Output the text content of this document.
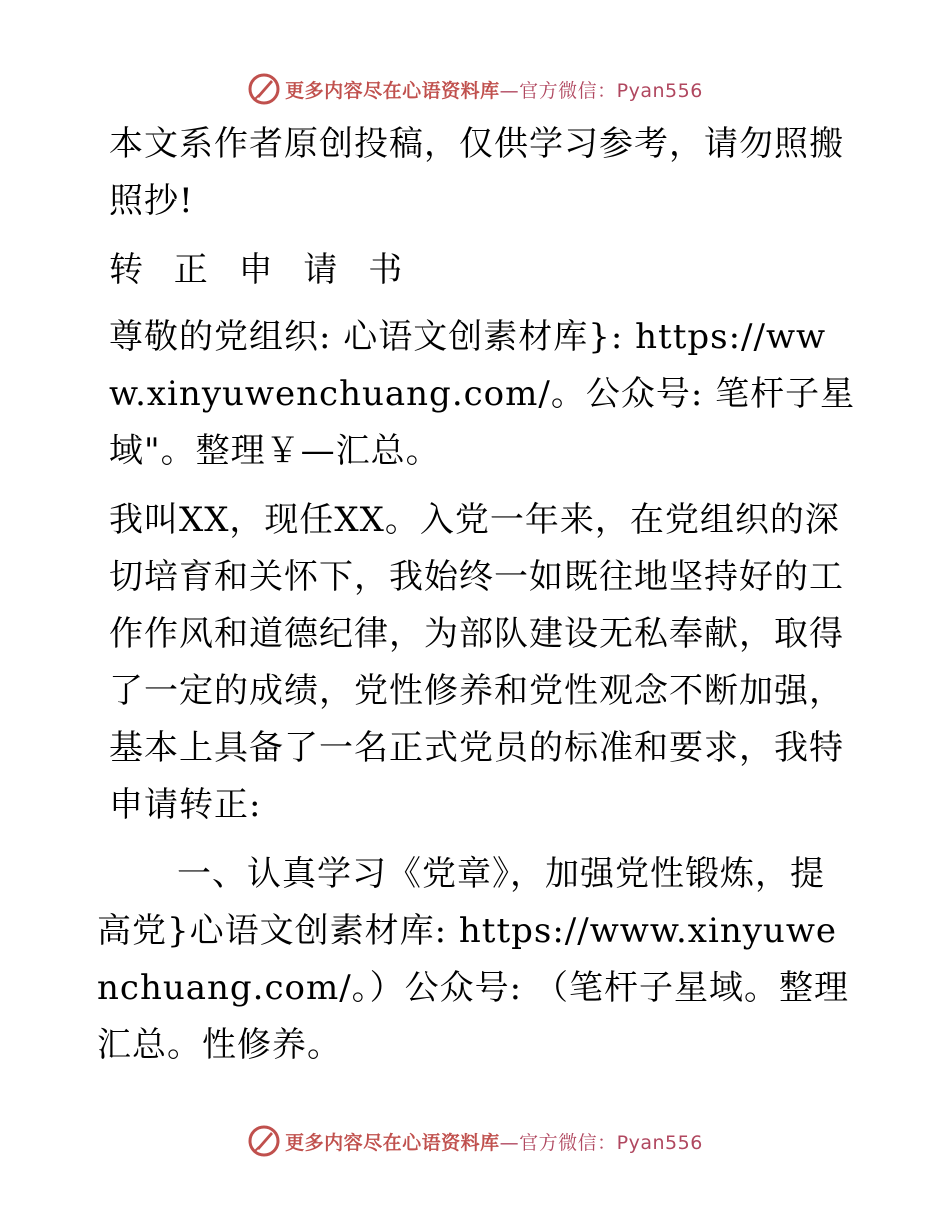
更多内容尽在心语资料库—官方微信：Pyan556

本文系作者原创投稿，仅供学习参考，请勿照搬照抄!

转 正 申 请 书

尊敬的党组织: 心语文创素材库}: https://www.xinyuwenchuang.com/。公众号: 笔杆子星域"。整理￥—汇总。

我叫XX，现任XX。入党一年来，在党组织的深切培育和关怀下，我始终一如既往地坚持好的工作作风和道德纪律，为部队建设无私奉献，取得了一定的成绩，党性修养和党性观念不断加强，基本上具备了一名正式党员的标准和要求，我特申请转正:

一、认真学习《党章》，加强党性锻炼，提高党}心语文创素材库: https://www.xinyuwenchuang.com/。）公众号: （笔杆子星域。整理汇总。性修养。

更多内容尽在心语资料库—官方微信：Pyan556
